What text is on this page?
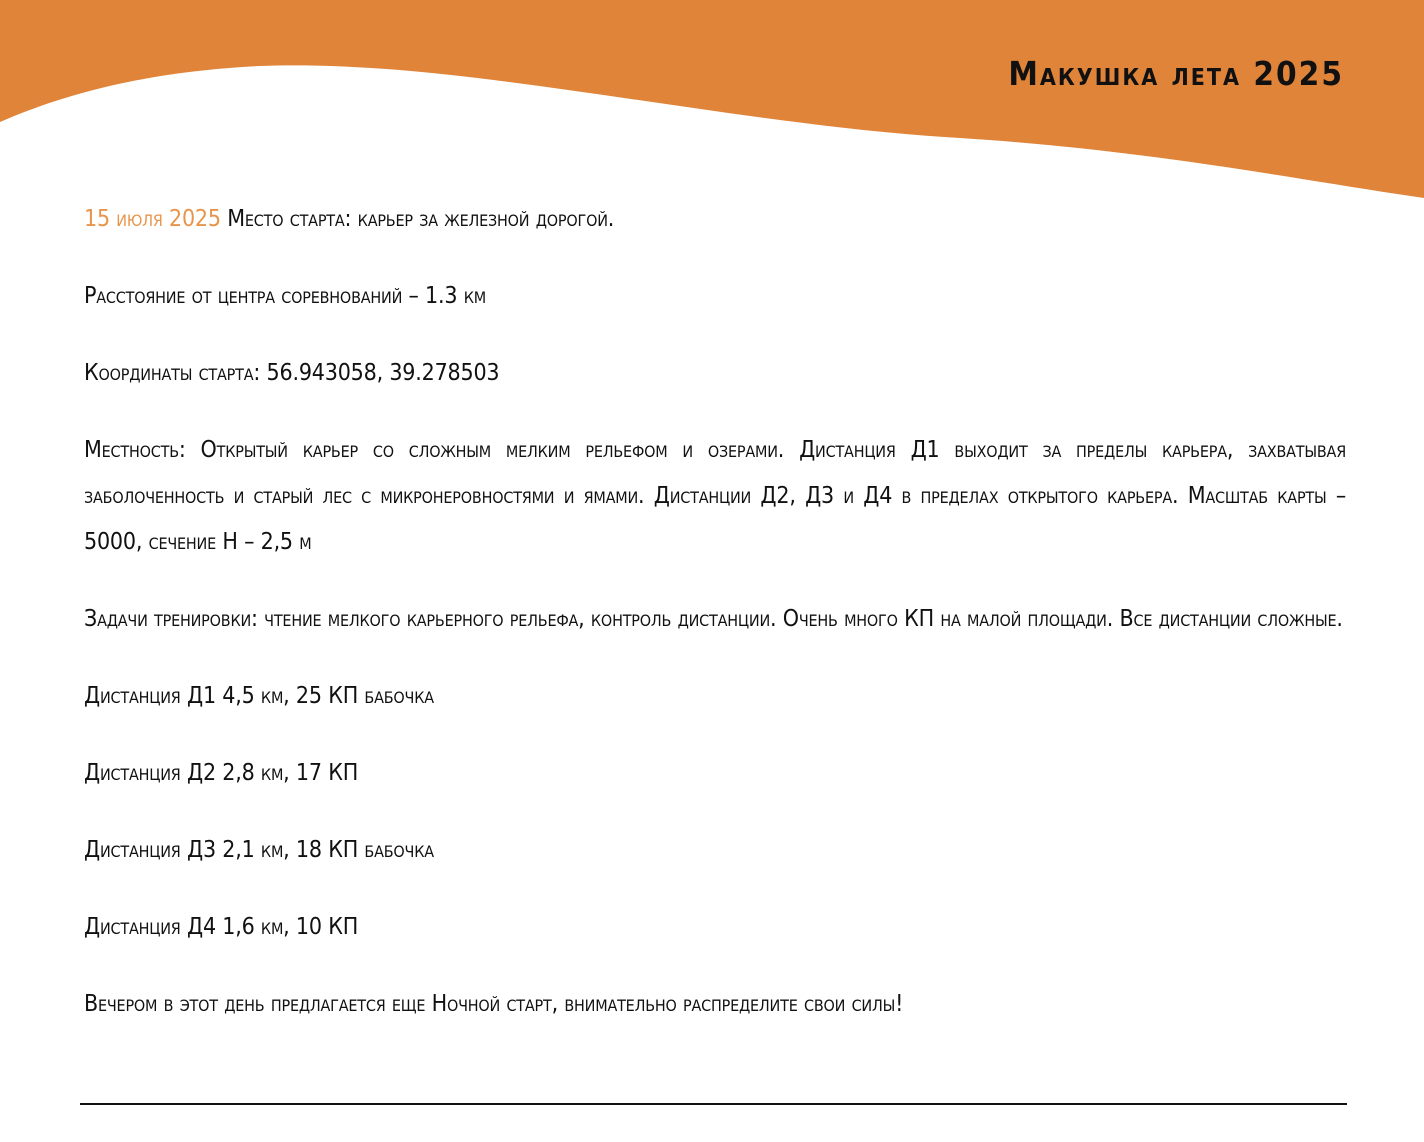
Макушка лета 2025

15 июля 2025 Место старта: карьер за железной дорогой.

Расстояние от центра соревнований – 1.3 км

Координаты старта: 56.943058, 39.278503

Местность: Открытый карьер со сложным мелким рельефом и озерами. Дистанция Д1 выходит за пределы карьера, захватывая заболоченность и старый лес с микронеровностями и ямами. Дистанции Д2, Д3 и Д4 в пределах открытого карьера. Масштаб карты – 5000, сечение Н – 2,5 м

Задачи тренировки: чтение мелкого карьерного рельефа, контроль дистанции. Очень много КП на малой площади. Все дистанции сложные.

Дистанция Д1 4,5 км, 25 КП бабочка

Дистанция Д2 2,8 км, 17 КП

Дистанция Д3 2,1 км, 18 КП бабочка

Дистанция Д4 1,6 км, 10 КП

Вечером в этот день предлагается еще Ночной старт, внимательно распределите свои силы!
